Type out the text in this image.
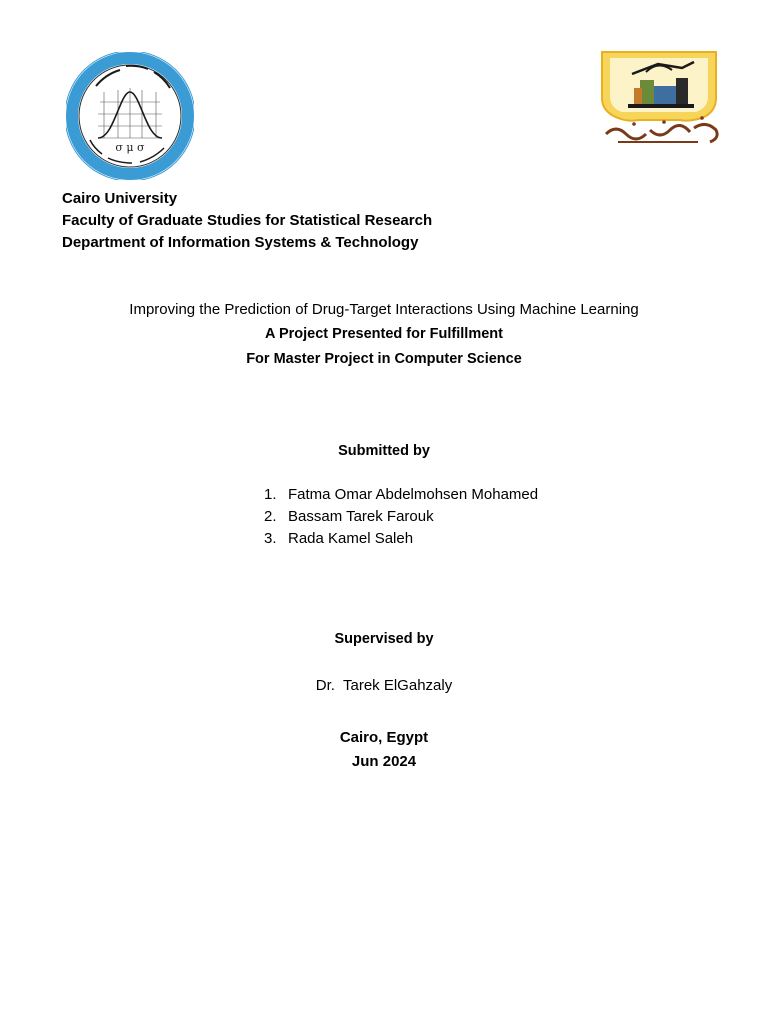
σ μ σ
Cairo University
Faculty of Graduate Studies for Statistical Research
Department of Information Systems & Technology
Improving the Prediction of Drug-Target Interactions Using Machine Learning
A Project Presented for Fulfillment
For Master Project in Computer Science
Submitted by
1. Fatma Omar Abdelmohsen Mohamed
2. Bassam Tarek Farouk
3. Rada Kamel Saleh
Supervised by
Dr.  Tarek ElGahzaly
Cairo, Egypt
Jun 2024
